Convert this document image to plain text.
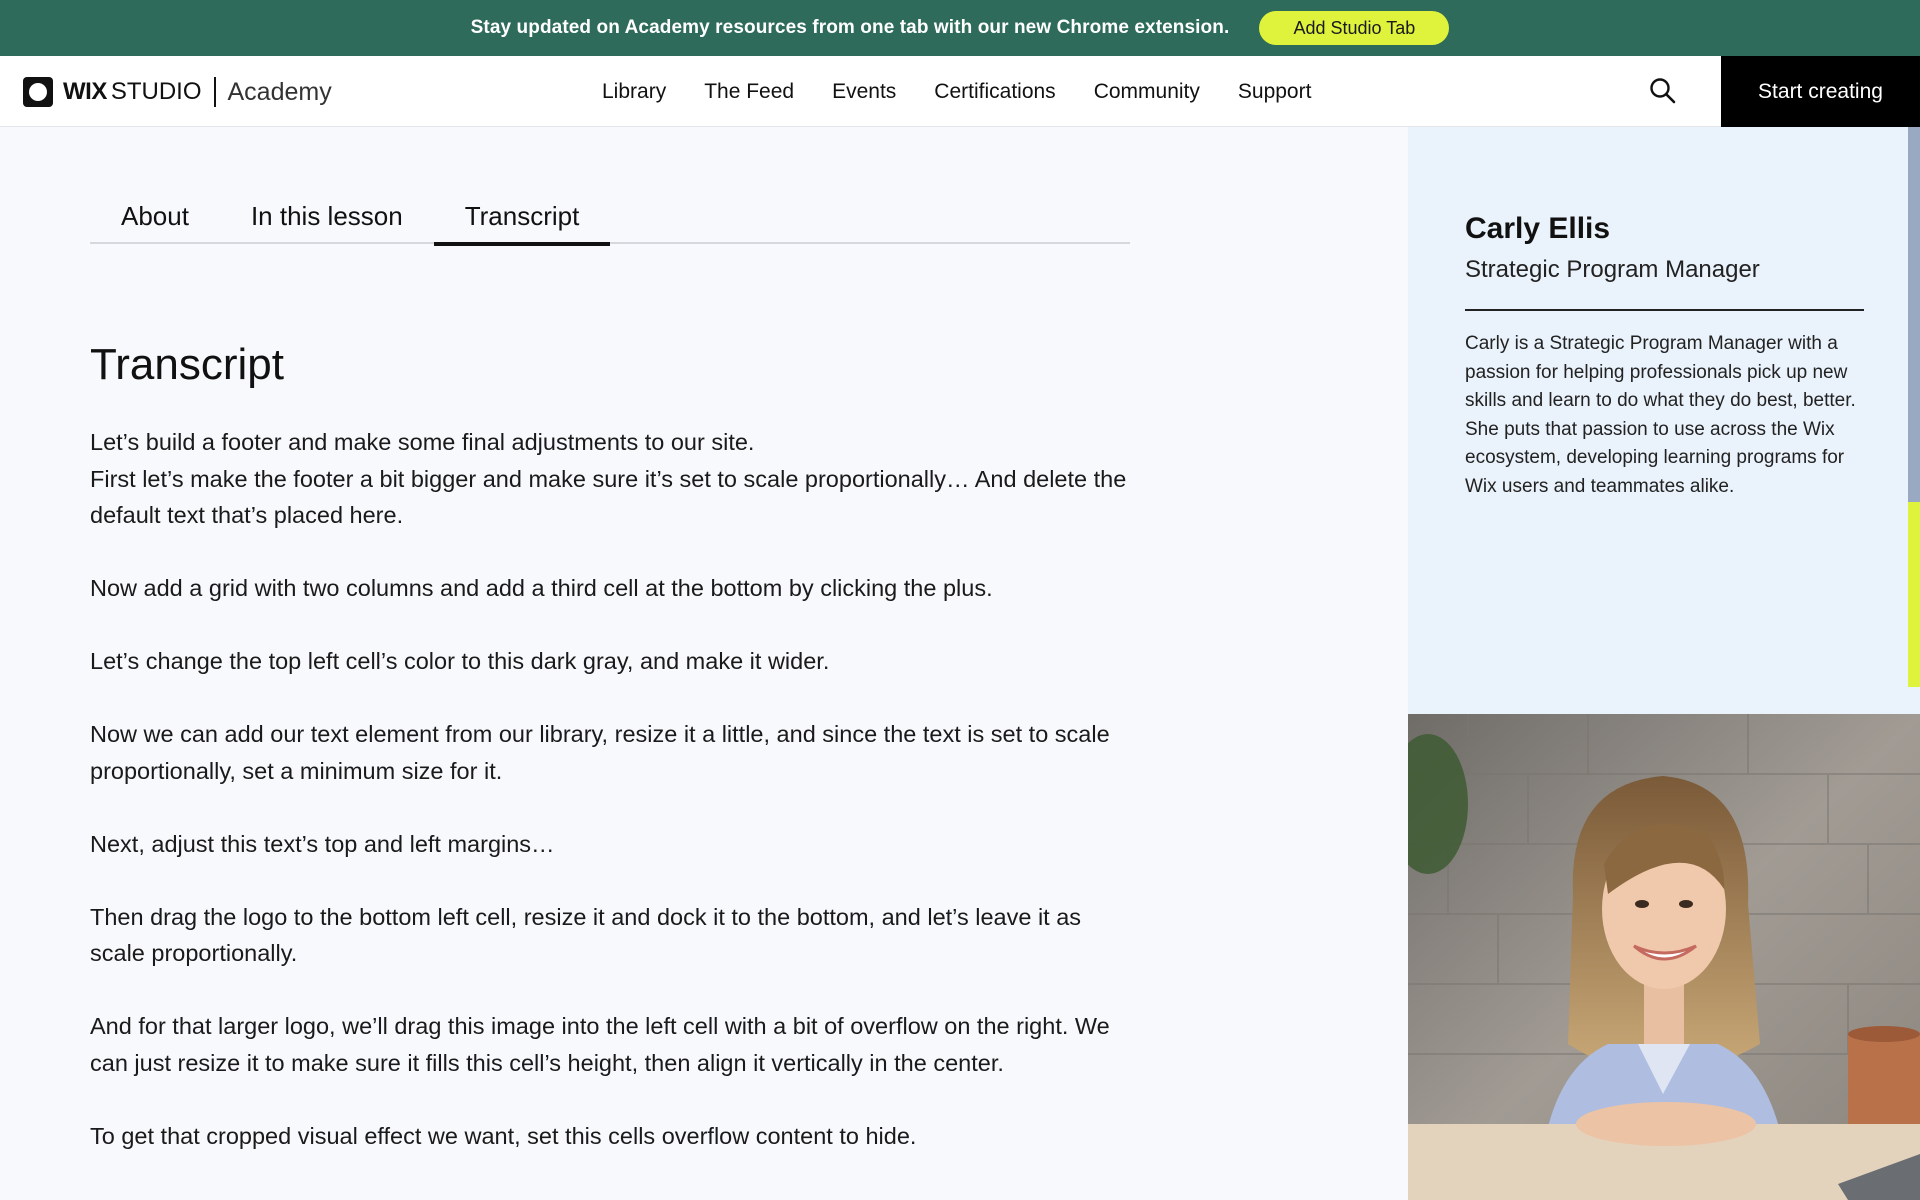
Stay updated on Academy resources from one tab with our new Chrome extension.	Add Studio Tab
WIX STUDIO Academy	Library The Feed Events Certifications Community Support	Start creating
About	In this lesson	Transcript
Transcript

Let’s build a footer and make some final adjustments to our site.
First let’s make the footer a bit bigger and make sure it’s set to scale proportionally… And delete the default text that’s placed here.

Now add a grid with two columns and add a third cell at the bottom by clicking the plus.

Let’s change the top left cell’s color to this dark gray, and make it wider.

Now we can add our text element from our library, resize it a little, and since the text is set to scale proportionally, set a minimum size for it.

Next, adjust this text’s top and left margins…

Then drag the logo to the bottom left cell, resize it and dock it to the bottom, and let’s leave it as scale proportionally.

And for that larger logo, we’ll drag this image into the left cell with a bit of overflow on the right. We can just resize it to make sure it fills this cell’s height, then align it vertically in the center.

To get that cropped visual effect we want, set this cells overflow content to hide.

Carly Ellis
Strategic Program Manager
Carly is a Strategic Program Manager with a passion for helping professionals pick up new skills and learn to do what they do best, better. She puts that passion to use across the Wix ecosystem, developing learning programs for Wix users and teammates alike.
